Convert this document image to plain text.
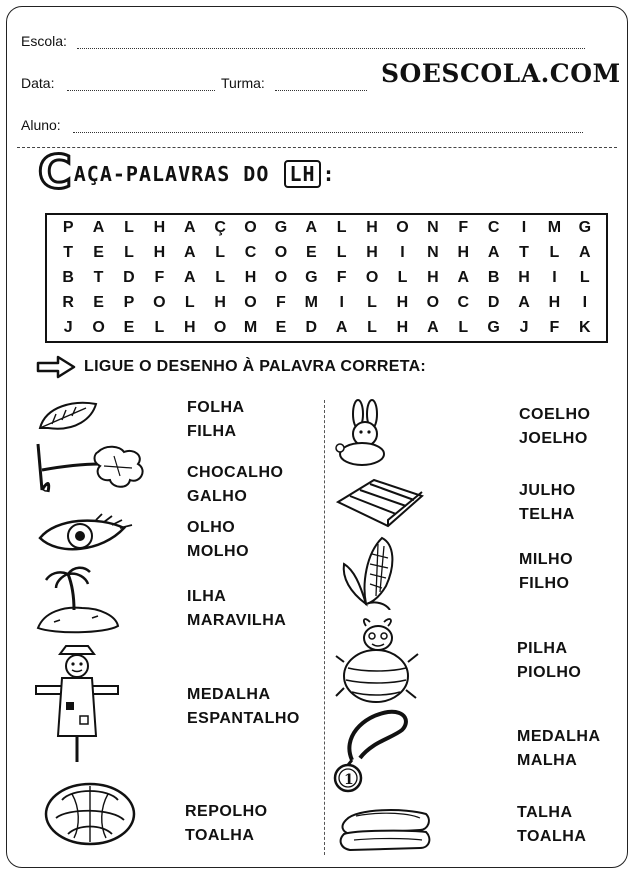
Escola:
Data:	Turma:	SOESCOLA.COM
Aluno:
C AÇA-PALAVRAS DO LH :
P	A	L	H	A	Ç	O	G	A	L	H	O	N	F	C	I	M	G
T	E	L	H	A	L	C	O	E	L	H	I	N	H	A	T	L	A
B	T	D	F	A	L	H	O	G	F	O	L	H	A	B	H	I	L
R	E	P	O	L	H	O	F	M	I	L	H	O	C	D	A	H	I
J	O	E	L	H	O	M	E	D	A	L	H	A	L	G	J	F	K
LIGUE O DESENHO À PALAVRA CORRETA:
FOLHA
FILHA
CHOCALHO
GALHO
OLHO
MOLHO
ILHA
MARAVILHA
MEDALHA
ESPANTALHO
REPOLHO
TOALHA
COELHO
JOELHO
JULHO
TELHA
MILHO
FILHO
PILHA
PIOLHO
MEDALHA
MALHA
TALHA
TOALHA
1
